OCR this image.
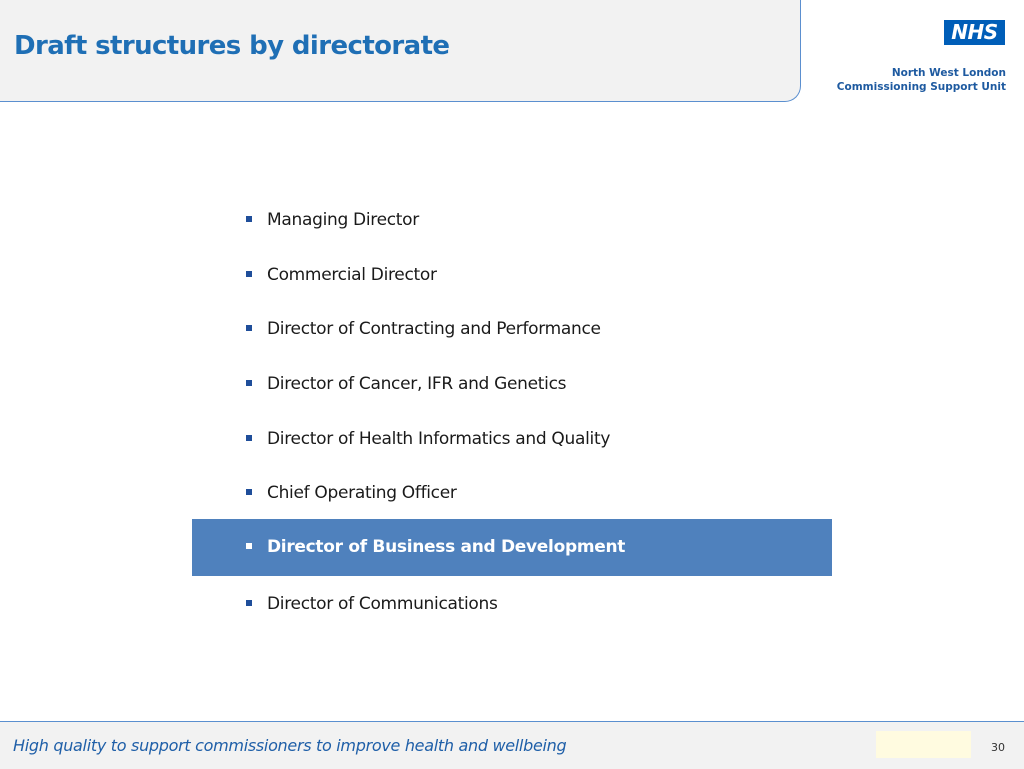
Draft structures by directorate	NHS
North West London
Commissioning Support Unit
Managing Director
Commercial Director
Director of Contracting and Performance
Director of Cancer, IFR and Genetics
Director of Health Informatics and Quality
Chief Operating Officer
Director of Business and Development
Director of Communications

High quality to support commissioners to improve health and wellbeing	30
